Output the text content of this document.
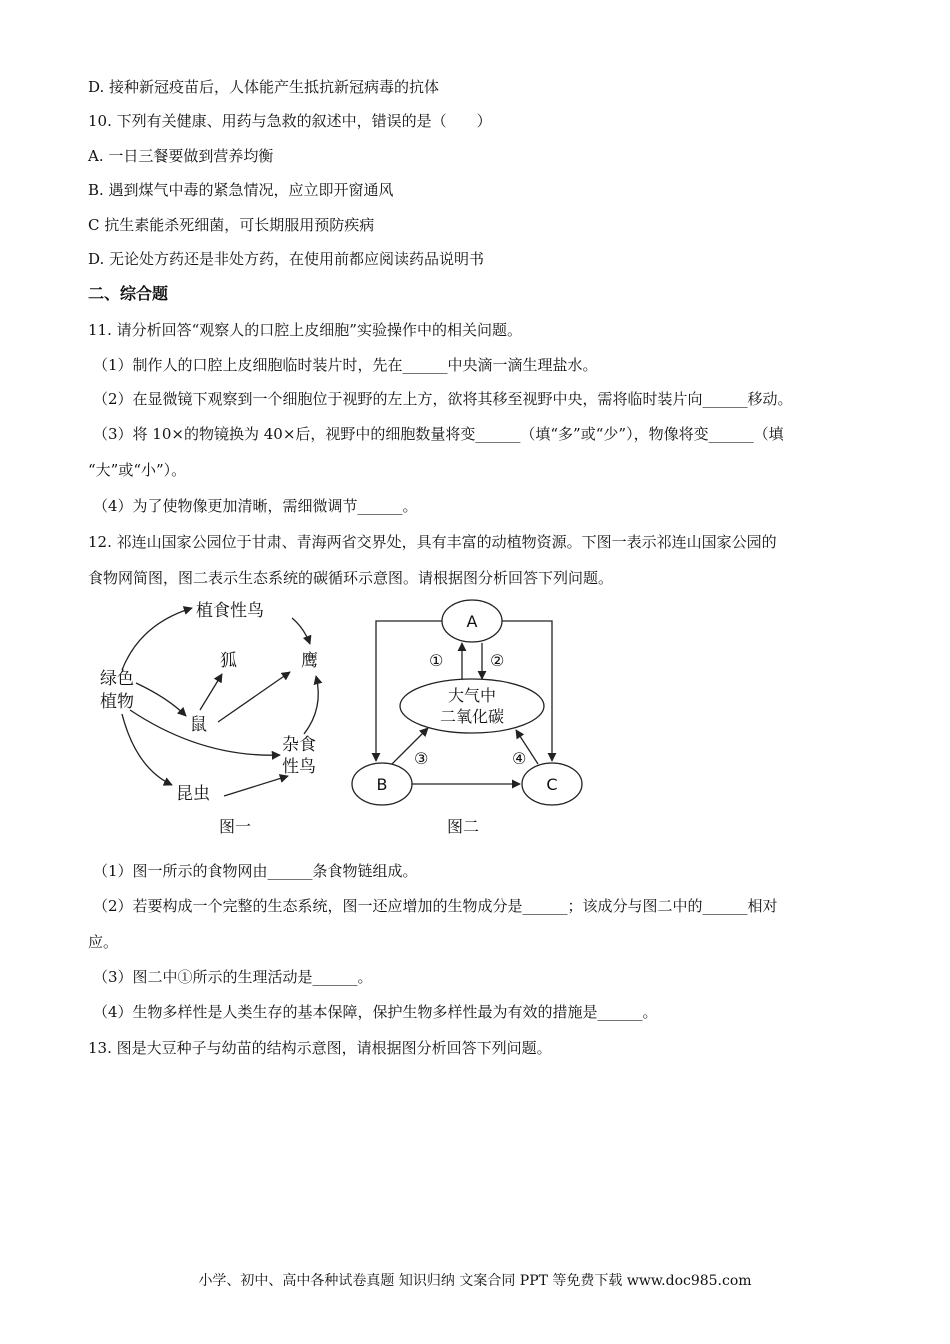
D. 接种新冠疫苗后，人体能产生抵抗新冠病毒的抗体
10. 下列有关健康、用药与急救的叙述中，错误的是（　　）
A. 一日三餐要做到营养均衡
B. 遇到煤气中毒的紧急情况，应立即开窗通风
C 抗生素能杀死细菌，可长期服用预防疾病
D. 无论处方药还是非处方药，在使用前都应阅读药品说明书
二、综合题
11. 请分析回答“观察人的口腔上皮细胞”实验操作中的相关问题。
（1）制作人的口腔上皮细胞临时装片时，先在______中央滴一滴生理盐水。
（2）在显微镜下观察到一个细胞位于视野的左上方，欲将其移至视野中央，需将临时装片向______移动。
（3）将 10×的物镜换为 40×后，视野中的细胞数量将变______（填“多”或“少”），物像将变______（填
“大”或“小”）。
（4）为了使物像更加清晰，需细微调节______。
12. 祁连山国家公园位于甘肃、青海两省交界处，具有丰富的动植物资源。下图一表示祁连山国家公园的
食物网简图，图二表示生态系统的碳循环示意图。请根据图分析回答下列问题。
植食性鸟
狐	鹰
绿色
植物
鼠
杂食
性鸟
昆虫
图一
A
B	C
大气中
二氧化碳
①	②
③	④
图二
（1）图一所示的食物网由______条食物链组成。
（2）若要构成一个完整的生态系统，图一还应增加的生物成分是______；该成分与图二中的______相对
应。
（3）图二中①所示的生理活动是______。
（4）生物多样性是人类生存的基本保障，保护生物多样性最为有效的措施是______。
13. 图是大豆种子与幼苗的结构示意图，请根据图分析回答下列问题。
小学、初中、高中各种试卷真题 知识归纳 文案合同 PPT 等免费下载 www.doc985.com
